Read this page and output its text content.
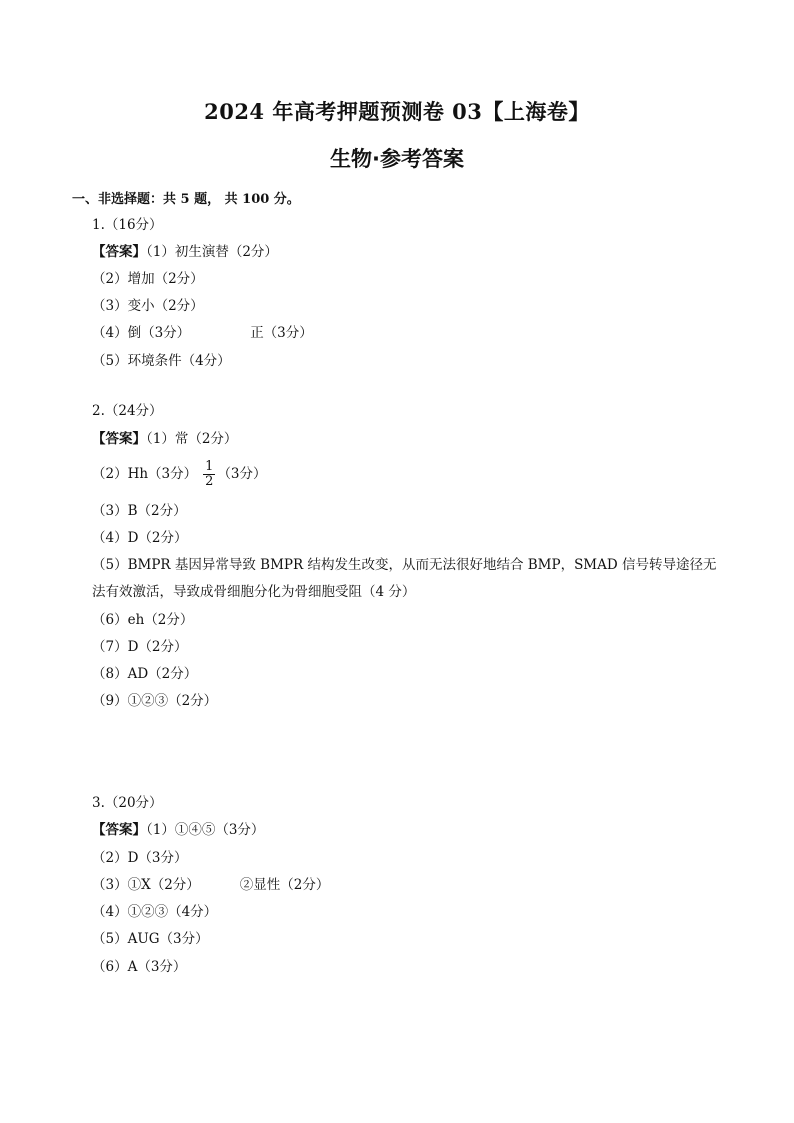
2024 年高考押题预测卷 03【上海卷】
生物·参考答案
一、非选择题：共 5 题， 共 100 分。
1.（16分）
【答案】（1）初生演替（2分）
（2）增加（2分）
（3）变小（2分）
（4）倒（3分）	正（3分）
（5）环境条件（4分）
2.（24分）
【答案】（1）常（2分）
（2）Hh（3分） $\frac{1}{2} (3$分）
（3）B（2分）
（4）D（2分）
（5）BMPR 基因异常导致 BMPR 结构发生改变，从而无法很好地结合 BMP，SMAD 信号转导途径无法有效激活，导致成骨细胞分化为骨细胞受阻（4 分）
（6）eh（2分）
（7）D（2分）
（8）AD（2分）
（9）①②③（2分）
3.（20分）
【答案】（1）①④⑤（3分）
（2）D（3分）
（3）①X（2分）	②显性（2分）
（4）①②③（4分）
（5）AUG（3分）
（6）A（3分）
